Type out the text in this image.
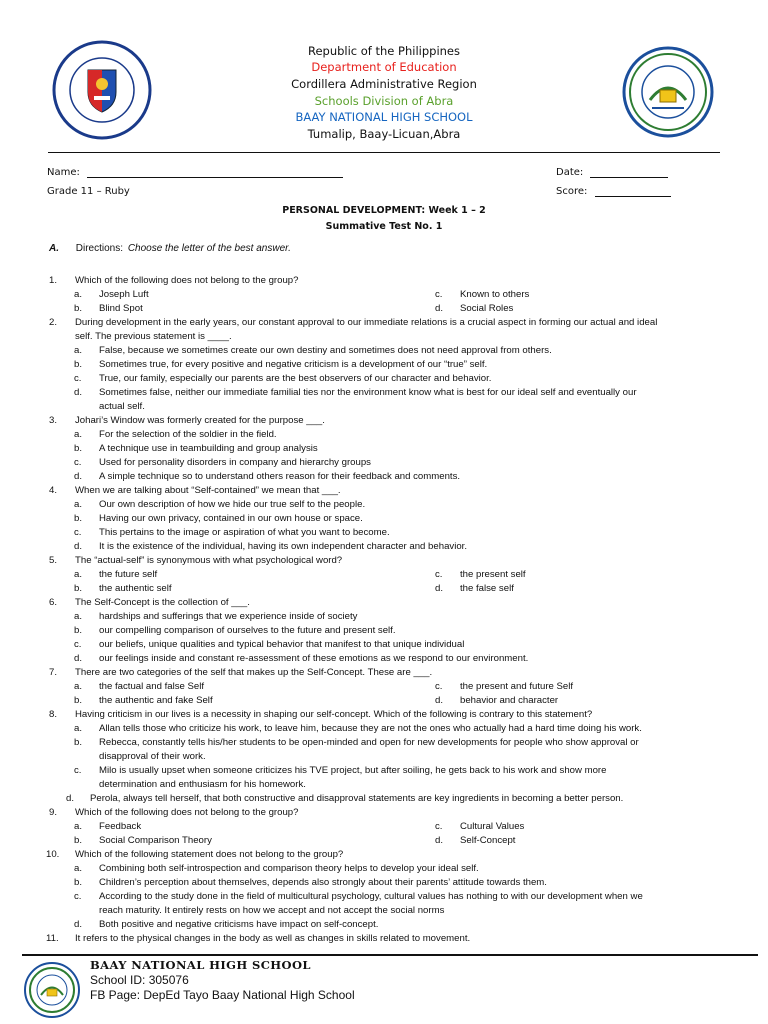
Republic of the Philippines
Department of Education
Cordillera Administrative Region
Schools Division of Abra
BAAY NATIONAL HIGH SCHOOL
Tumalip, Baay-Licuan,Abra
Name:	Date:
Grade 11 – Ruby	Score:
PERSONAL DEVELOPMENT: Week 1 – 2
Summative Test No. 1
A. Directions: Choose the letter of the best answer.
1. Which of the following does not belong to the group?
a. Joseph Luft
b. Blind Spot
c. Known to others
d. Social Roles
2. During development in the early years, our constant approval to our immediate relations is a crucial aspect in forming our actual and ideal
self. The previous statement is ____.
a. False, because we sometimes create our own destiny and sometimes does not need approval from others.
b. Sometimes true, for every positive and negative criticism is a development of our “true” self.
c. True, our family, especially our parents are the best observers of our character and behavior.
d. Sometimes false, neither our immediate familial ties nor the environment know what is best for our ideal self and eventually our
actual self.
3. Johari’s Window was formerly created for the purpose ___.
a. For the selection of the soldier in the field.
b. A technique use in teambuilding and group analysis
c. Used for personality disorders in company and hierarchy groups
d. A simple technique so to understand others reason for their feedback and comments.
4. When we are talking about “Self-contained” we mean that ___.
a. Our own description of how we hide our true self to the people.
b. Having our own privacy, contained in our own house or space.
c. This pertains to the image or aspiration of what you want to become.
d. It is the existence of the individual, having its own independent character and behavior.
5. The “actual-self” is synonymous with what psychological word?
a. the future self
b. the authentic self
c. the present self
d. the false self
6. The Self-Concept is the collection of ___.
a. hardships and sufferings that we experience inside of society
b. our compelling comparison of ourselves to the future and present self.
c. our beliefs, unique qualities and typical behavior that manifest to that unique individual
d. our feelings inside and constant re-assessment of these emotions as we respond to our environment.
7. There are two categories of the self that makes up the Self-Concept. These are ___.
a. the factual and false Self
b. the authentic and fake Self
c. the present and future Self
d. behavior and character
8. Having criticism in our lives is a necessity in shaping our self-concept. Which of the following is contrary to this statement?
a. Allan tells those who criticize his work, to leave him, because they are not the ones who actually had a hard time doing his work.
b. Rebecca, constantly tells his/her students to be open-minded and open for new developments for people who show approval or
disapproval of their work.
c. Milo is usually upset when someone criticizes his TVE project, but after soiling, he gets back to his work and show more
determination and enthusiasm for his homework.
d. Perola, always tell herself, that both constructive and disapproval statements are key ingredients in becoming a better person.
9. Which of the following does not belong to the group?
a. Feedback
b. Social Comparison Theory
c. Cultural Values
d. Self-Concept
10. Which of the following statement does not belong to the group?
a. Combining both self-introspection and comparison theory helps to develop your ideal self.
b. Children’s perception about themselves, depends also strongly about their parents’ attitude towards them.
c. According to the study done in the field of multicultural psychology, cultural values has nothing to with our development when we
reach maturity. It entirely rests on how we accept and not accept the social norms
d. Both positive and negative criticisms have impact on self-concept.
11. It refers to the physical changes in the body as well as changes in skills related to movement.
BAAY NATIONAL HIGH SCHOOL
School ID: 305076
FB Page: DepEd Tayo Baay National High School
